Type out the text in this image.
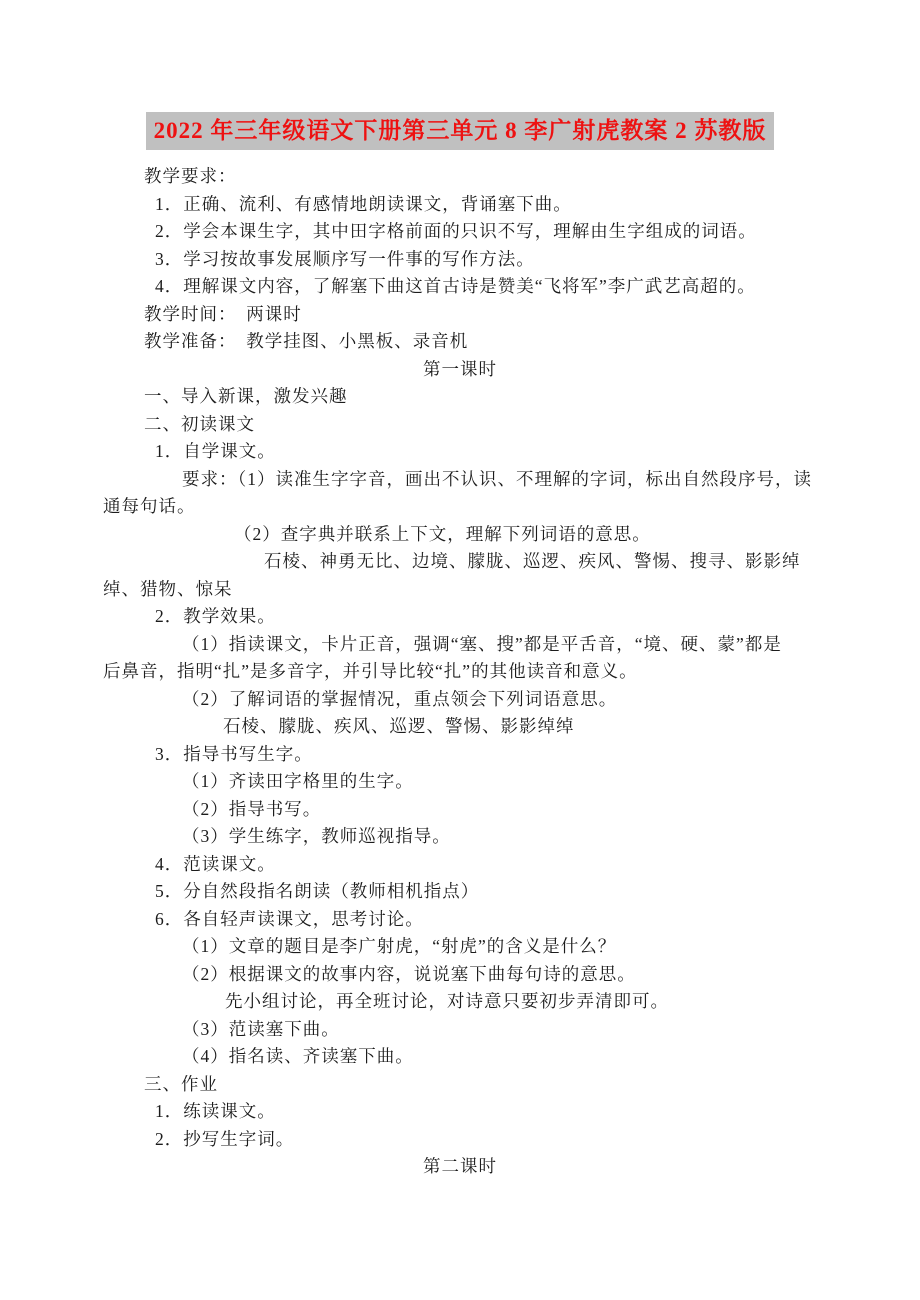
2022 年三年级语文下册第三单元 8 李广射虎教案 2 苏教版
教学要求：
1．正确、流利、有感情地朗读课文，背诵塞下曲。
2．学会本课生字，其中田字格前面的只识不写，理解由生字组成的词语。
3．学习按故事发展顺序写一件事的写作方法。
4．理解课文内容，了解塞下曲这首古诗是赞美“飞将军”李广武艺高超的。
教学时间：　两课时
教学准备：　教学挂图、小黑板、录音机
第一课时
一、导入新课，激发兴趣
二、初读课文
1．自学课文。
要求：（1）读准生字字音，画出不认识、不理解的字词，标出自然段序号，读
通每句话。
（2）查字典并联系上下文，理解下列词语的意思。
石棱、神勇无比、边境、朦胧、巡逻、疾风、警惕、搜寻、影影绰
绰、猎物、惊呆
2．教学效果。
（1）指读课文，卡片正音，强调“塞、搜”都是平舌音，“境、硬、蒙”都是
后鼻音，指明“扎”是多音字，并引导比较“扎”的其他读音和意义。
（2）了解词语的掌握情况，重点领会下列词语意思。
石棱、朦胧、疾风、巡逻、警惕、影影绰绰
3．指导书写生字。
（1）齐读田字格里的生字。
（2）指导书写。
（3）学生练字，教师巡视指导。
4．范读课文。
5．分自然段指名朗读（教师相机指点）
6．各自轻声读课文，思考讨论。
（1）文章的题目是李广射虎，“射虎”的含义是什么？
（2）根据课文的故事内容，说说塞下曲每句诗的意思。
先小组讨论，再全班讨论，对诗意只要初步弄清即可。
（3）范读塞下曲。
（4）指名读、齐读塞下曲。
三、作业
1．练读课文。
2．抄写生字词。
第二课时
